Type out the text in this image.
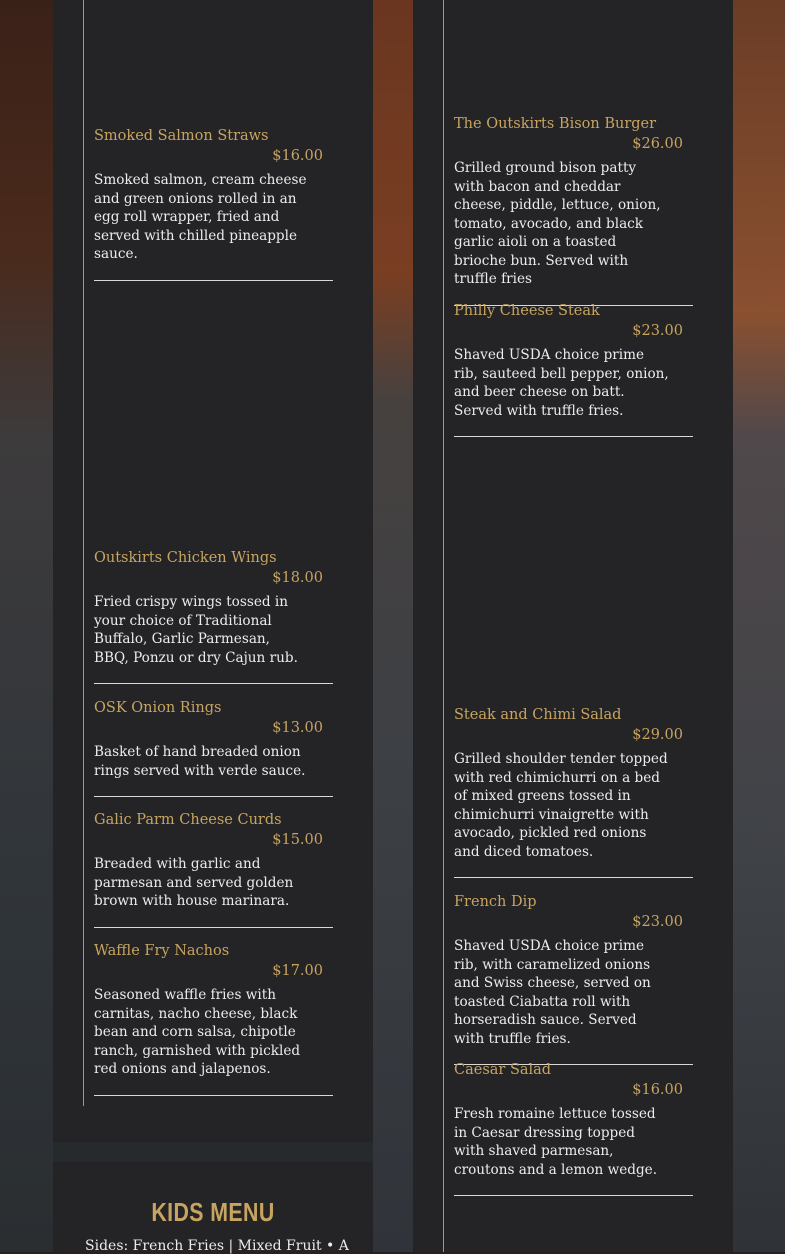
Smoked Salmon Straws
$16.00
Smoked salmon, cream cheese and green onions rolled in an egg roll wrapper, fried and served with chilled pineapple sauce.
Outskirts Chicken Wings
$18.00
Fried crispy wings tossed in your choice of Traditional Buffalo, Garlic Parmesan, BBQ, Ponzu or dry Cajun rub.
OSK Onion Rings
$13.00
Basket of hand breaded onion rings served with verde sauce.
Galic Parm Cheese Curds
$15.00
Breaded with garlic and parmesan and served golden brown with house marinara.
Waffle Fry Nachos
$17.00
Seasoned waffle fries with carnitas, nacho cheese, black bean and corn salsa, chipotle ranch, garnished with pickled red onions and jalapenos.
The Outskirts Bison Burger
$26.00
Grilled ground bison patty with bacon and cheddar cheese, piddle, lettuce, onion, tomato, avocado, and black garlic aioli on a toasted brioche bun. Served with truffle fries
Philly Cheese Steak
$23.00
Shaved USDA choice prime rib, sauteed bell pepper, onion, and beer cheese on batt. Served with truffle fries.
Steak and Chimi Salad
$29.00
Grilled shoulder tender topped with red chimichurri on a bed of mixed greens tossed in chimichurri vinaigrette with avocado, pickled red onions and diced tomatoes.
French Dip
$23.00
Shaved USDA choice prime rib, with caramelized onions and Swiss cheese, served on toasted Ciabatta roll with horseradish sauce. Served with truffle fries.
Caesar Salad
$16.00
Fresh romaine lettuce tossed in Caesar dressing topped with shaved parmesan, croutons and a lemon wedge.
KIDS MENU
Sides: French Fries | Mixed Fruit • A
